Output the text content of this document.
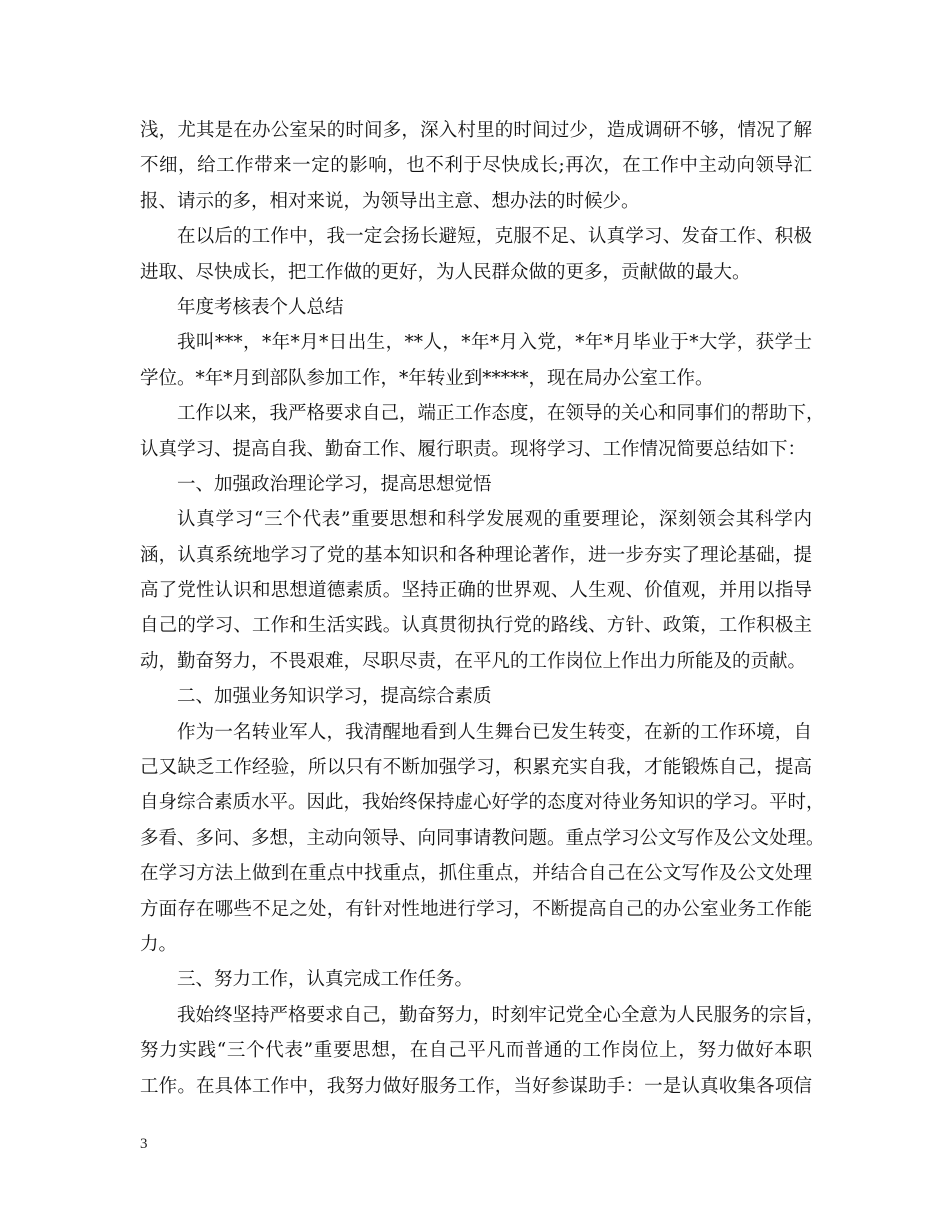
浅，尤其是在办公室呆的时间多，深入村里的时间过少，造成调研不够，情况了解
不细，给工作带来一定的影响，也不利于尽快成长;再次，在工作中主动向领导汇
报、请示的多，相对来说，为领导出主意、想办法的时候少。
在以后的工作中，我一定会扬长避短，克服不足、认真学习、发奋工作、积极
进取、尽快成长，把工作做的更好，为人民群众做的更多，贡献做的最大。
年度考核表个人总结
我叫***，*年*月*日出生，**人，*年*月入党，*年*月毕业于*大学，获学士
学位。*年*月到部队参加工作，*年转业到*****，现在局办公室工作。
工作以来，我严格要求自己，端正工作态度，在领导的关心和同事们的帮助下，
认真学习、提高自我、勤奋工作、履行职责。现将学习、工作情况简要总结如下：
一、加强政治理论学习，提高思想觉悟
认真学习“三个代表”重要思想和科学发展观的重要理论，深刻领会其科学内
涵，认真系统地学习了党的基本知识和各种理论著作，进一步夯实了理论基础，提
高了党性认识和思想道德素质。坚持正确的世界观、人生观、价值观，并用以指导
自己的学习、工作和生活实践。认真贯彻执行党的路线、方针、政策，工作积极主
动，勤奋努力，不畏艰难，尽职尽责，在平凡的工作岗位上作出力所能及的贡献。
二、加强业务知识学习，提高综合素质
作为一名转业军人，我清醒地看到人生舞台已发生转变，在新的工作环境，自
己又缺乏工作经验，所以只有不断加强学习，积累充实自我，才能锻炼自己，提高
自身综合素质水平。因此，我始终保持虚心好学的态度对待业务知识的学习。平时，
多看、多问、多想，主动向领导、向同事请教问题。重点学习公文写作及公文处理。
在学习方法上做到在重点中找重点，抓住重点，并结合自己在公文写作及公文处理
方面存在哪些不足之处，有针对性地进行学习，不断提高自己的办公室业务工作能
力。
三、努力工作，认真完成工作任务。
我始终坚持严格要求自己，勤奋努力，时刻牢记党全心全意为人民服务的宗旨，
努力实践“三个代表”重要思想，在自己平凡而普通的工作岗位上，努力做好本职
工作。在具体工作中，我努力做好服务工作，当好参谋助手：一是认真收集各项信
3
